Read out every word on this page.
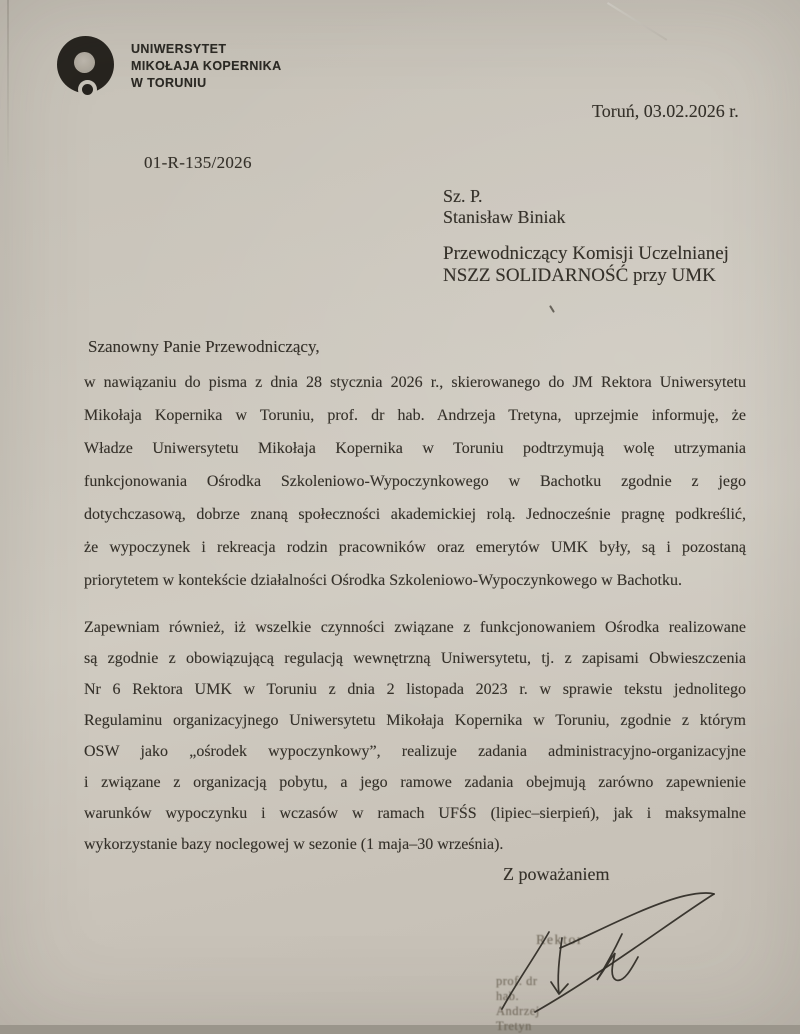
UNIWERSYTET
MIKOŁAJA KOPERNIKA
W TORUNIU
Toruń, 03.02.2026 r.
01-R-135/2026
Sz. P.
Stanisław Biniak
Przewodniczący Komisji Uczelnianej
NSZZ SOLIDARNOŚĆ przy UMK
Szanowny Panie Przewodniczący,
w nawiązaniu do pisma z dnia 28 stycznia 2026 r., skierowanego do JM Rektora Uniwersytetu
Mikołaja Kopernika w Toruniu, prof. dr hab. Andrzeja Tretyna, uprzejmie informuję, że
Władze Uniwersytetu Mikołaja Kopernika w Toruniu podtrzymują wolę utrzymania
funkcjonowania Ośrodka Szkoleniowo-Wypoczynkowego w Bachotku zgodnie z jego
dotychczasową, dobrze znaną społeczności akademickiej rolą. Jednocześnie pragnę podkreślić,
że wypoczynek i rekreacja rodzin pracowników oraz emerytów UMK były, są i pozostaną
priorytetem w kontekście działalności Ośrodka Szkoleniowo-Wypoczynkowego w Bachotku.
Zapewniam również, iż wszelkie czynności związane z funkcjonowaniem Ośrodka realizowane
są zgodnie z obowiązującą regulacją wewnętrzną Uniwersytetu, tj. z zapisami Obwieszczenia
Nr 6 Rektora UMK w Toruniu z dnia 2 listopada 2023 r. w sprawie tekstu jednolitego
Regulaminu organizacyjnego Uniwersytetu Mikołaja Kopernika w Toruniu, zgodnie z którym
OSW jako „ośrodek wypoczynkowy”, realizuje zadania administracyjno-organizacyjne
i związane z organizacją pobytu, a jego ramowe zadania obejmują zarówno zapewnienie
warunków wypoczynku i wczasów w ramach UFŚS (lipiec–sierpień), jak i maksymalne
wykorzystanie bazy noclegowej w sezonie (1 maja–30 września).
Z poważaniem
Rektor
prof. dr hab. Andrzej Tretyn
